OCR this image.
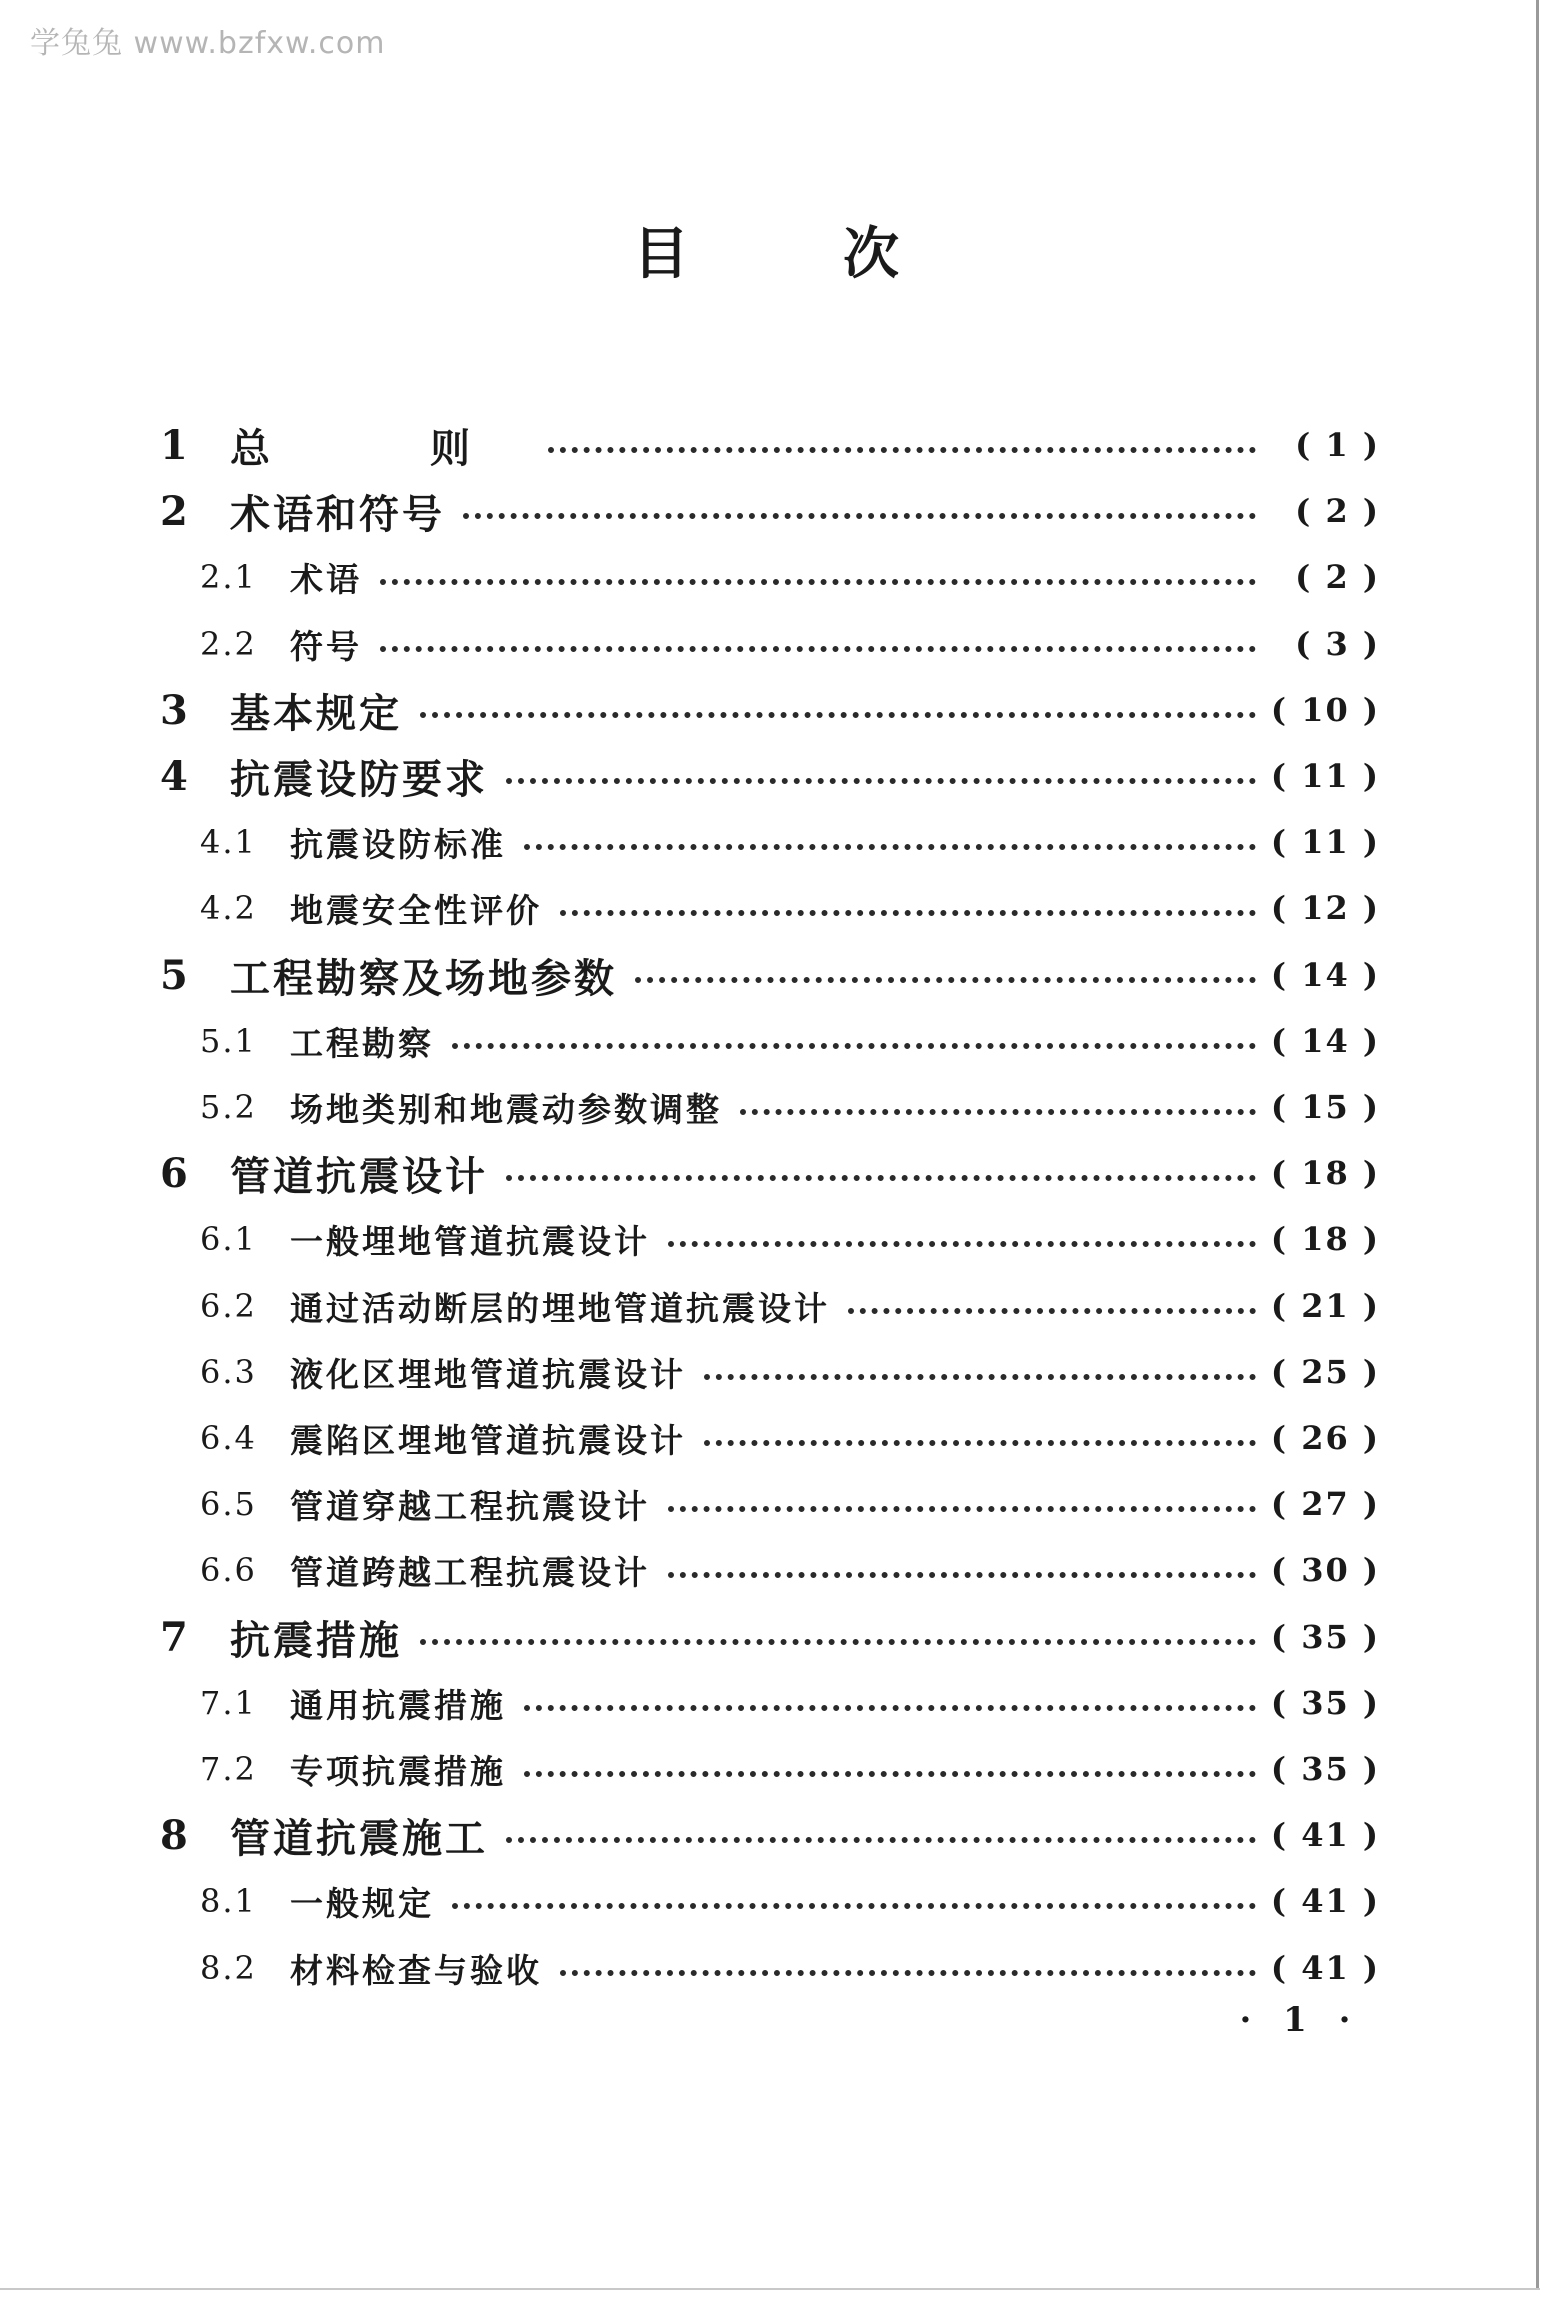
学兔兔 www.bzfxw.com
目	次
1	总　则	( 1 )
2	术语和符号	( 2 )
2.1	术语	( 2 )
2.2	符号	( 3 )
3	基本规定	( 10 )
4	抗震设防要求	( 11 )
4.1	抗震设防标准	( 11 )
4.2	地震安全性评价	( 12 )
5	工程勘察及场地参数	( 14 )
5.1	工程勘察	( 14 )
5.2	场地类别和地震动参数调整	( 15 )
6	管道抗震设计	( 18 )
6.1	一般埋地管道抗震设计	( 18 )
6.2	通过活动断层的埋地管道抗震设计	( 21 )
6.3	液化区埋地管道抗震设计	( 25 )
6.4	震陷区埋地管道抗震设计	( 26 )
6.5	管道穿越工程抗震设计	( 27 )
6.6	管道跨越工程抗震设计	( 30 )
7	抗震措施	( 35 )
7.1	通用抗震措施	( 35 )
7.2	专项抗震措施	( 35 )
8	管道抗震施工	( 41 )
8.1	一般规定	( 41 )
8.2	材料检查与验收	( 41 )
· 1 ·
